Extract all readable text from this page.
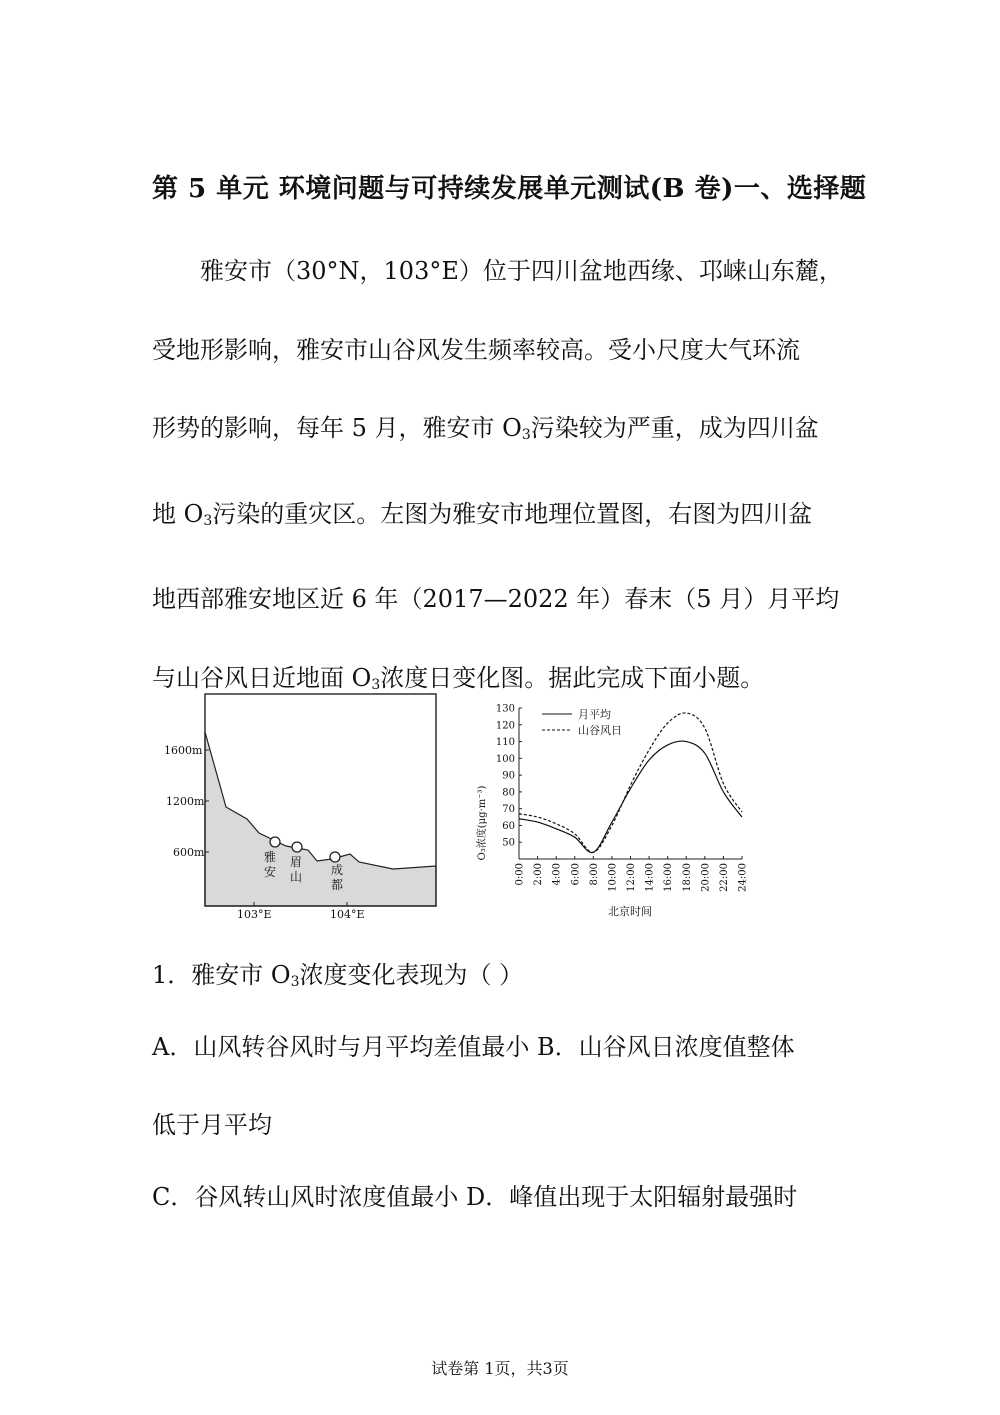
第 5 单元 环境问题与可持续发展单元测试(B 卷)一、选择题
雅安市（30°N，103°E）位于四川盆地西缘、邛崃山东麓，
受地形影响，雅安市山谷风发生频率较高。受小尺度大气环流
形势的影响，每年 5 月，雅安市 $O_3$污染较为严重，成为四川盆
地 $O_3$污染的重灾区。左图为雅安市地理位置图，右图为四川盆
地西部雅安地区近 6 年（2017—2022 年）春末（5 月）月平均
与山谷风日近地面 $O_3$浓度日变化图。据此完成下面小题。
1600m
1200m
600m
103°E	104°E
雅
安
眉
山 成
都
50
60
70
80
90
100
110
120
130
0:00 2:00 4:00 6:00 8:00 10:00 12:00 14:00 16:00 18:00 20:00 22:00 24:00
月平均
山谷风日
O₃浓度(μg·m⁻³)
北京时间
1．雅安市 $O_3$浓度变化表现为（ ）
A．山风转谷风时与月平均差值最小 B．山谷风日浓度值整体
低于月平均
C．谷风转山风时浓度值最小 D．峰值出现于太阳辐射最强时
试卷第 1页，共3页
